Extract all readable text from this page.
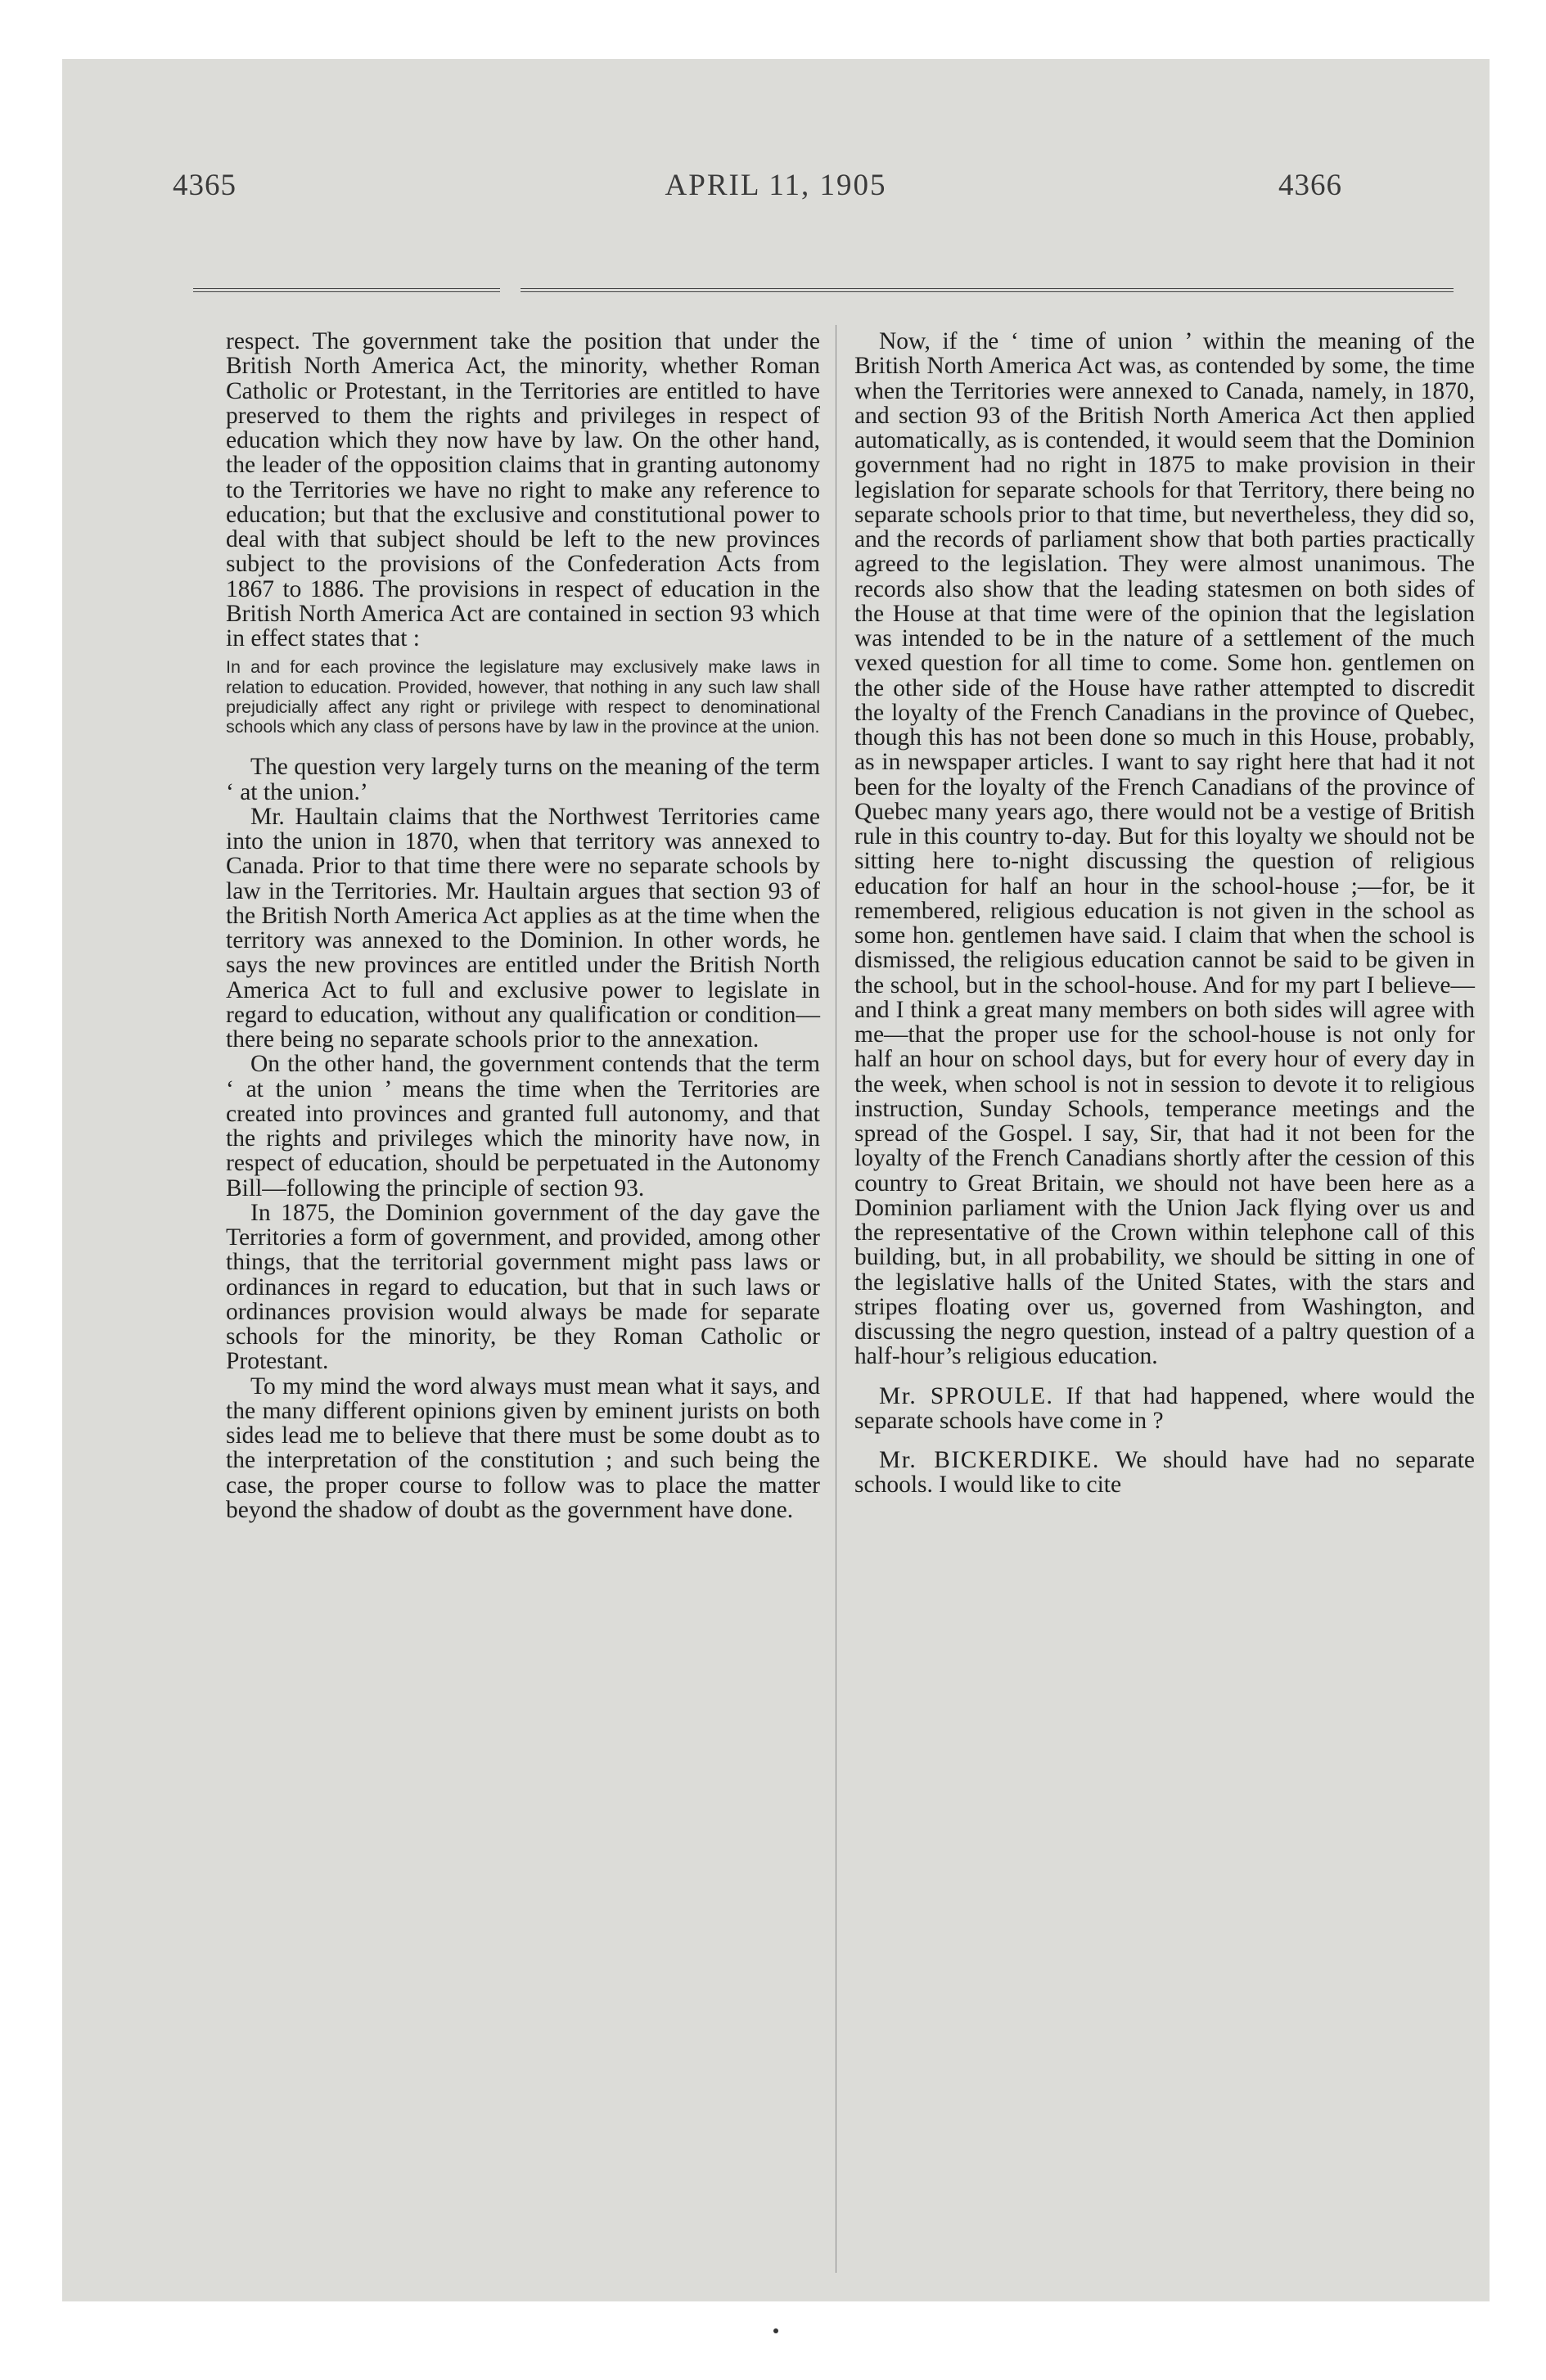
APRIL 11, 1905
4365	4366

respect. The government take the position that under the British North America Act, the minority, whether Roman Catholic or Protestant, in the Territories are entitled to have preserved to them the rights and privileges in respect of education which they now have by law. On the other hand, the leader of the opposition claims that in granting autonomy to the Territories we have no right to make any reference to education; but that the exclusive and constitutional power to deal with that subject should be left to the new provinces subject to the provisions of the Confederation Acts from 1867 to 1886. The provisions in respect of education in the British North America Act are contained in section 93 which in effect states that :

In and for each province the legislature may exclusively make laws in relation to education. Provided, however, that nothing in any such law shall prejudicially affect any right or privilege with respect to denominational schools which any class of persons have by law in the province at the union.

The question very largely turns on the meaning of the term ‘ at the union.’

Mr. Haultain claims that the Northwest Territories came into the union in 1870, when that territory was annexed to Canada. Prior to that time there were no separate schools by law in the Territories. Mr. Haultain argues that section 93 of the British North America Act applies as at the time when the territory was annexed to the Dominion. In other words, he says the new provinces are entitled under the British North America Act to full and exclusive power to legislate in regard to education, without any qualification or condition—there being no separate schools prior to the annexation.

On the other hand, the government contends that the term ‘ at the union ’ means the time when the Territories are created into provinces and granted full autonomy, and that the rights and privileges which the minority have now, in respect of education, should be perpetuated in the Autonomy Bill—following the principle of section 93.

In 1875, the Dominion government of the day gave the Territories a form of government, and provided, among other things, that the territorial government might pass laws or ordinances in regard to education, but that in such laws or ordinances provision would always be made for separate schools for the minority, be they Roman Catholic or Protestant.

To my mind the word always must mean what it says, and the many different opinions given by eminent jurists on both sides lead me to believe that there must be some doubt as to the interpretation of the constitution ; and such being the case, the proper course to follow was to place the matter beyond the shadow of doubt as the government have done.

Now, if the ‘ time of union ’ within the meaning of the British North America Act was, as contended by some, the time when the Territories were annexed to Canada, namely, in 1870, and section 93 of the British North America Act then applied automatically, as is contended, it would seem that the Dominion government had no right in 1875 to make provision in their legislation for separate schools for that Territory, there being no separate schools prior to that time, but nevertheless, they did so, and the records of parliament show that both parties practically agreed to the legislation. They were almost unanimous. The records also show that the leading statesmen on both sides of the House at that time were of the opinion that the legislation was intended to be in the nature of a settlement of the much vexed question for all time to come. Some hon. gentlemen on the other side of the House have rather attempted to discredit the loyalty of the French Canadians in the province of Quebec, though this has not been done so much in this House, probably, as in newspaper articles. I want to say right here that had it not been for the loyalty of the French Canadians of the province of Quebec many years ago, there would not be a vestige of British rule in this country to-day. But for this loyalty we should not be sitting here to-night discussing the question of religious education for half an hour in the school-house ;—for, be it remembered, religious education is not given in the school as some hon. gentlemen have said. I claim that when the school is dismissed, the religious education cannot be said to be given in the school, but in the school-house. And for my part I believe—and I think a great many members on both sides will agree with me—that the proper use for the school-house is not only for half an hour on school days, but for every hour of every day in the week, when school is not in session to devote it to religious instruction, Sunday Schools, temperance meetings and the spread of the Gospel. I say, Sir, that had it not been for the loyalty of the French Canadians shortly after the cession of this country to Great Britain, we should not have been here as a Dominion parliament with the Union Jack flying over us and the representative of the Crown within telephone call of this building, but, in all probability, we should be sitting in one of the legislative halls of the United States, with the stars and stripes floating over us, governed from Washington, and discussing the negro question, instead of a paltry question of a half-hour’s religious education.

Mr. SPROULE. If that had happened, where would the separate schools have come in ?

Mr. BICKERDIKE. We should have had no separate schools. I would like to cite
